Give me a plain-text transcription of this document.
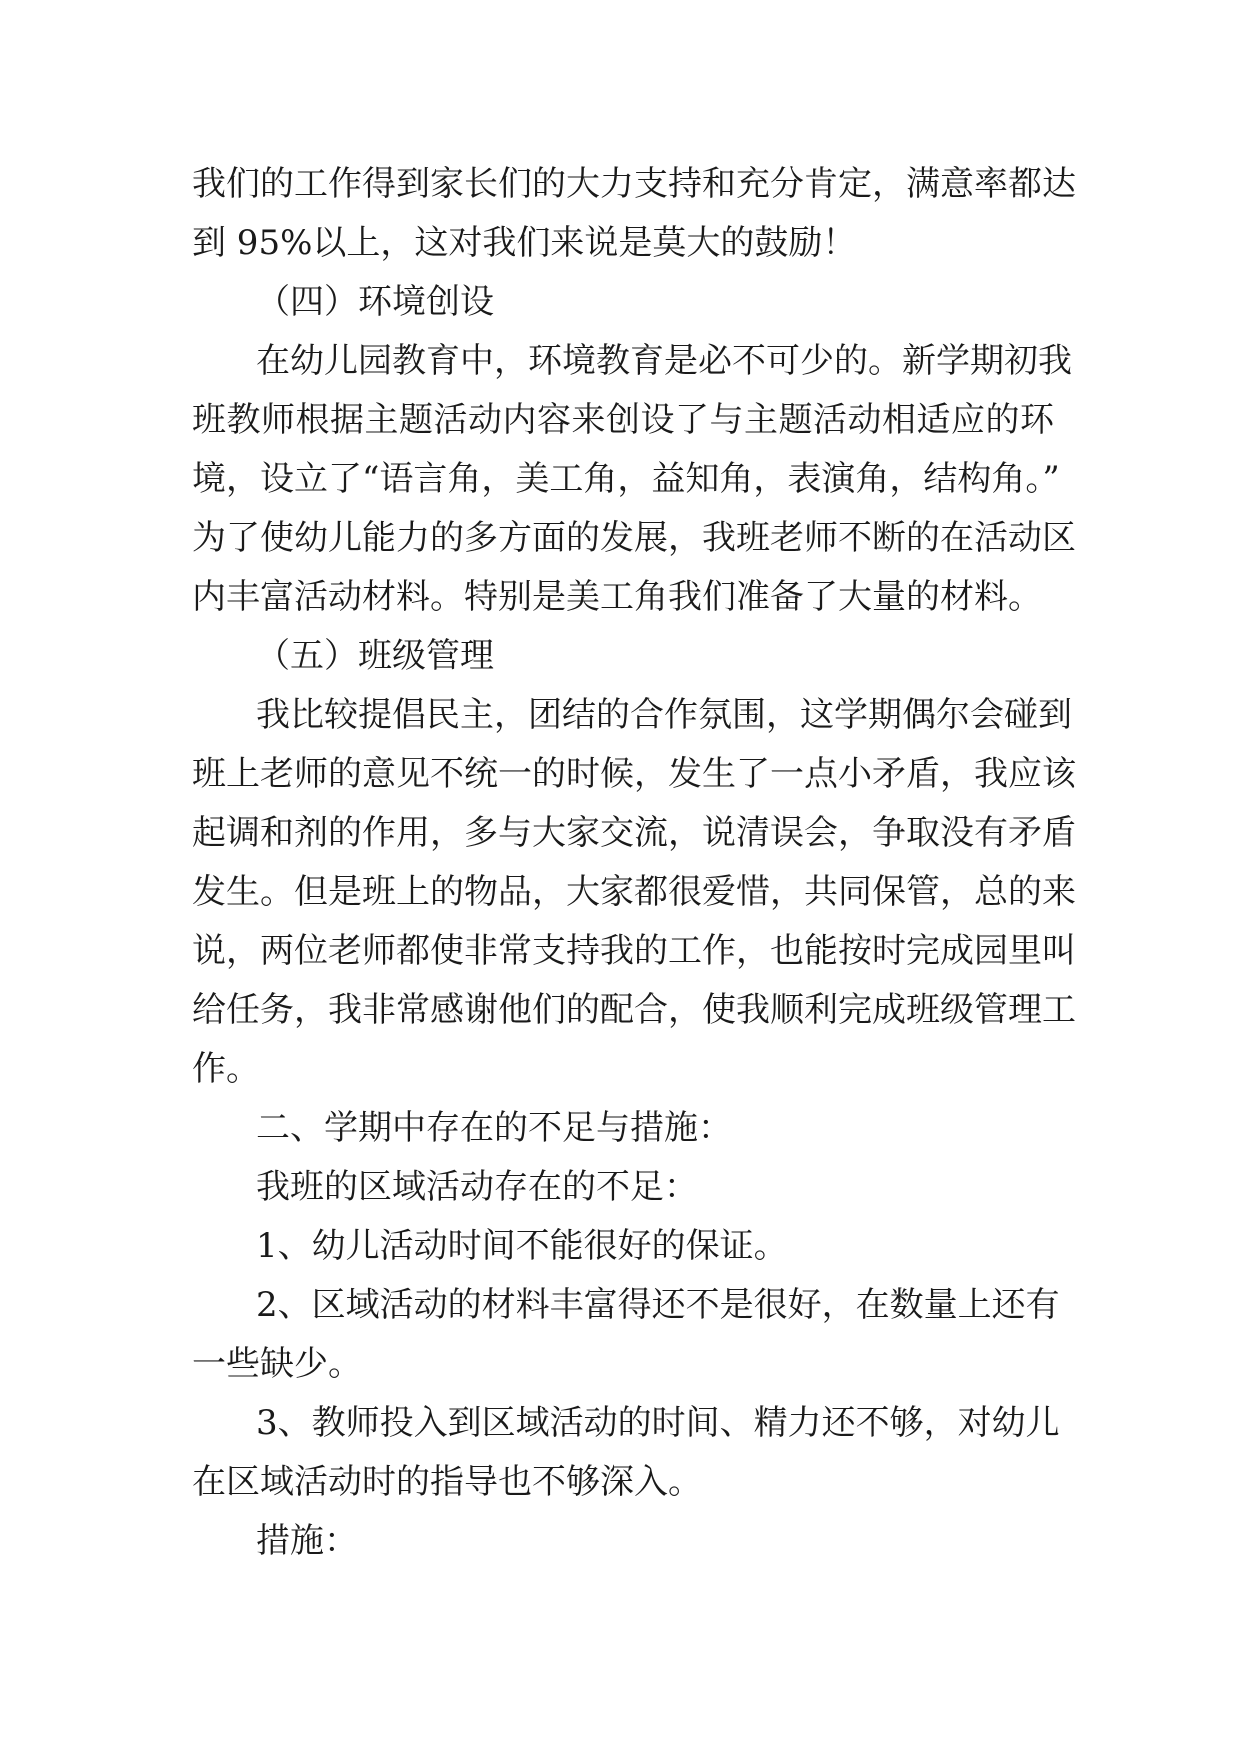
我们的工作得到家长们的大力支持和充分肯定，满意率都达
到 95%以上，这对我们来说是莫大的鼓励！
（四）环境创设
在幼儿园教育中，环境教育是必不可少的。新学期初我
班教师根据主题活动内容来创设了与主题活动相适应的环
境，设立了“语言角，美工角，益知角，表演角，结构角。”
为了使幼儿能力的多方面的发展，我班老师不断的在活动区
内丰富活动材料。特别是美工角我们准备了大量的材料。
（五）班级管理
我比较提倡民主，团结的合作氛围，这学期偶尔会碰到
班上老师的意见不统一的时候，发生了一点小矛盾，我应该
起调和剂的作用，多与大家交流，说清误会，争取没有矛盾
发生。但是班上的物品，大家都很爱惜，共同保管，总的来
说，两位老师都使非常支持我的工作，也能按时完成园里叫
给任务，我非常感谢他们的配合，使我顺利完成班级管理工
作。
二、学期中存在的不足与措施：
我班的区域活动存在的不足：
1、幼儿活动时间不能很好的保证。
2、区域活动的材料丰富得还不是很好，在数量上还有
一些缺少。
3、教师投入到区域活动的时间、精力还不够，对幼儿
在区域活动时的指导也不够深入。
措施：
